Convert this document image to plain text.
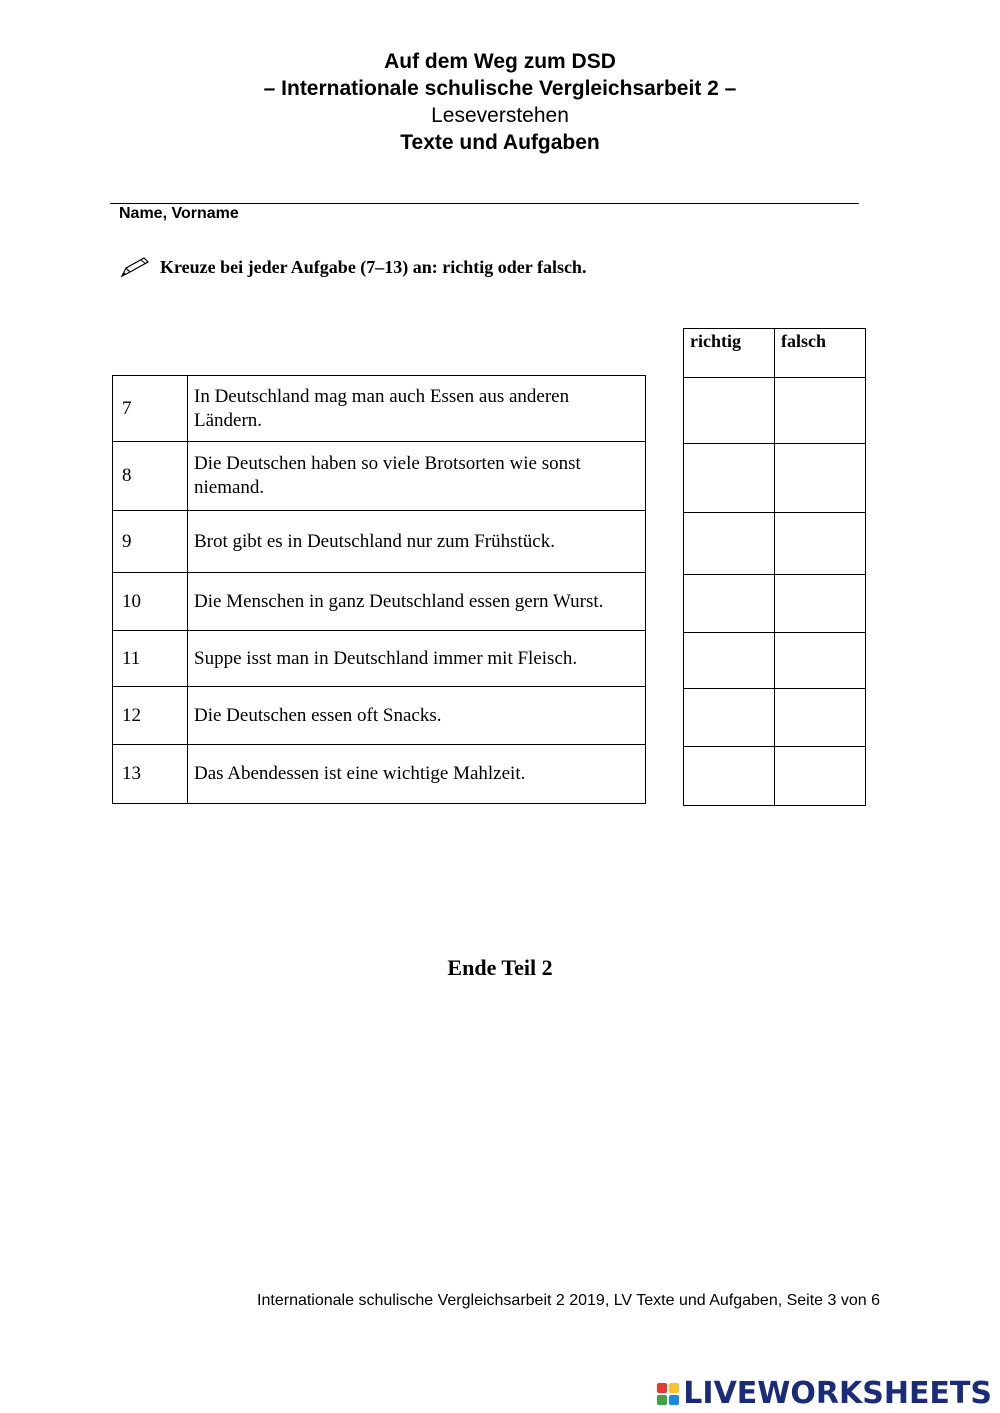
Auf dem Weg zum DSD
– Internationale schulische Vergleichsarbeit 2 –
Leseverstehen
Texte und Aufgaben
Name, Vorname
Kreuze bei jeder Aufgabe (7–13) an: richtig oder falsch.
richtig	falsch

7	In Deutschland mag man auch Essen aus anderen Ländern.
8	Die Deutschen haben so viele Brotsorten wie sonst niemand.
9	Brot gibt es in Deutschland nur zum Frühstück.
10	Die Menschen in ganz Deutschland essen gern Wurst.
11	Suppe isst man in Deutschland immer mit Fleisch.
12	Die Deutschen essen oft Snacks.
13	Das Abendessen ist eine wichtige Mahlzeit.
Ende Teil 2
Internationale schulische Vergleichsarbeit 2 2019, LV Texte und Aufgaben, Seite 3 von 6
LIVEWORKSHEETS
